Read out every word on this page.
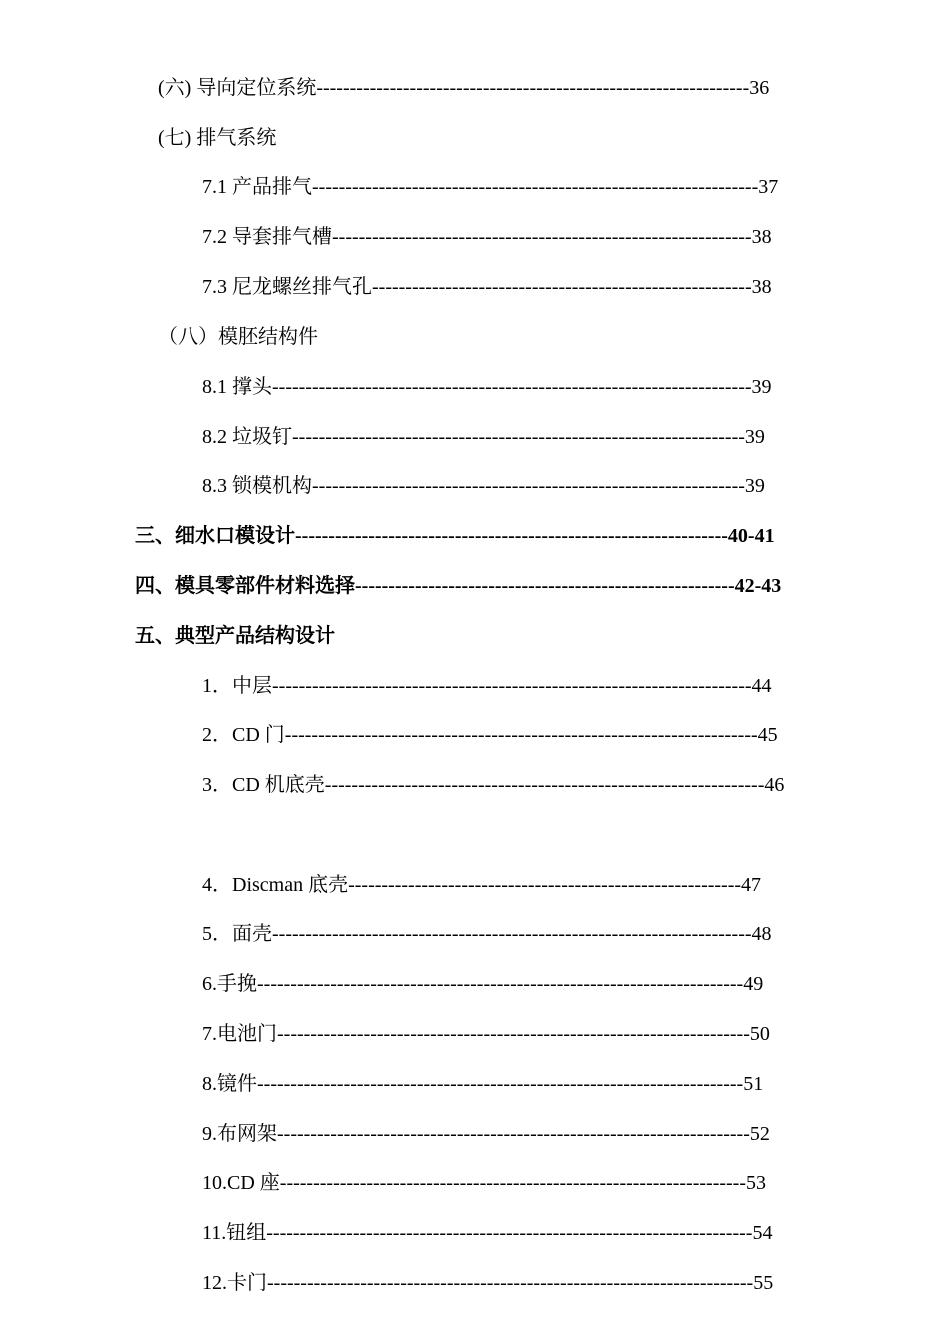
(六) 导向定位系统-----------------------------------------------------------------36
(七) 排气系统
7.1 产品排气-------------------------------------------------------------------37
7.2 导套排气槽---------------------------------------------------------------38
7.3 尼龙螺丝排气孔---------------------------------------------------------38
（八）模胚结构件
8.1 撑头------------------------------------------------------------------------39
8.2 垃圾钉--------------------------------------------------------------------39
8.3 锁模机构-----------------------------------------------------------------39
三、细水口模设计-----------------------------------------------------------------40-41
四、模具零部件材料选择---------------------------------------------------------42-43
五、典型产品结构设计
1．中层------------------------------------------------------------------------44
2．CD 门-----------------------------------------------------------------------45
3．CD 机底壳------------------------------------------------------------------46
4．Discman 底壳-----------------------------------------------------------47
5．面壳------------------------------------------------------------------------48
6.手挽-------------------------------------------------------------------------49
7.电池门-----------------------------------------------------------------------50
8.镜件-------------------------------------------------------------------------51
9.布网架-----------------------------------------------------------------------52
10.CD 座----------------------------------------------------------------------53
11.钮组-------------------------------------------------------------------------54
12.卡门-------------------------------------------------------------------------55
